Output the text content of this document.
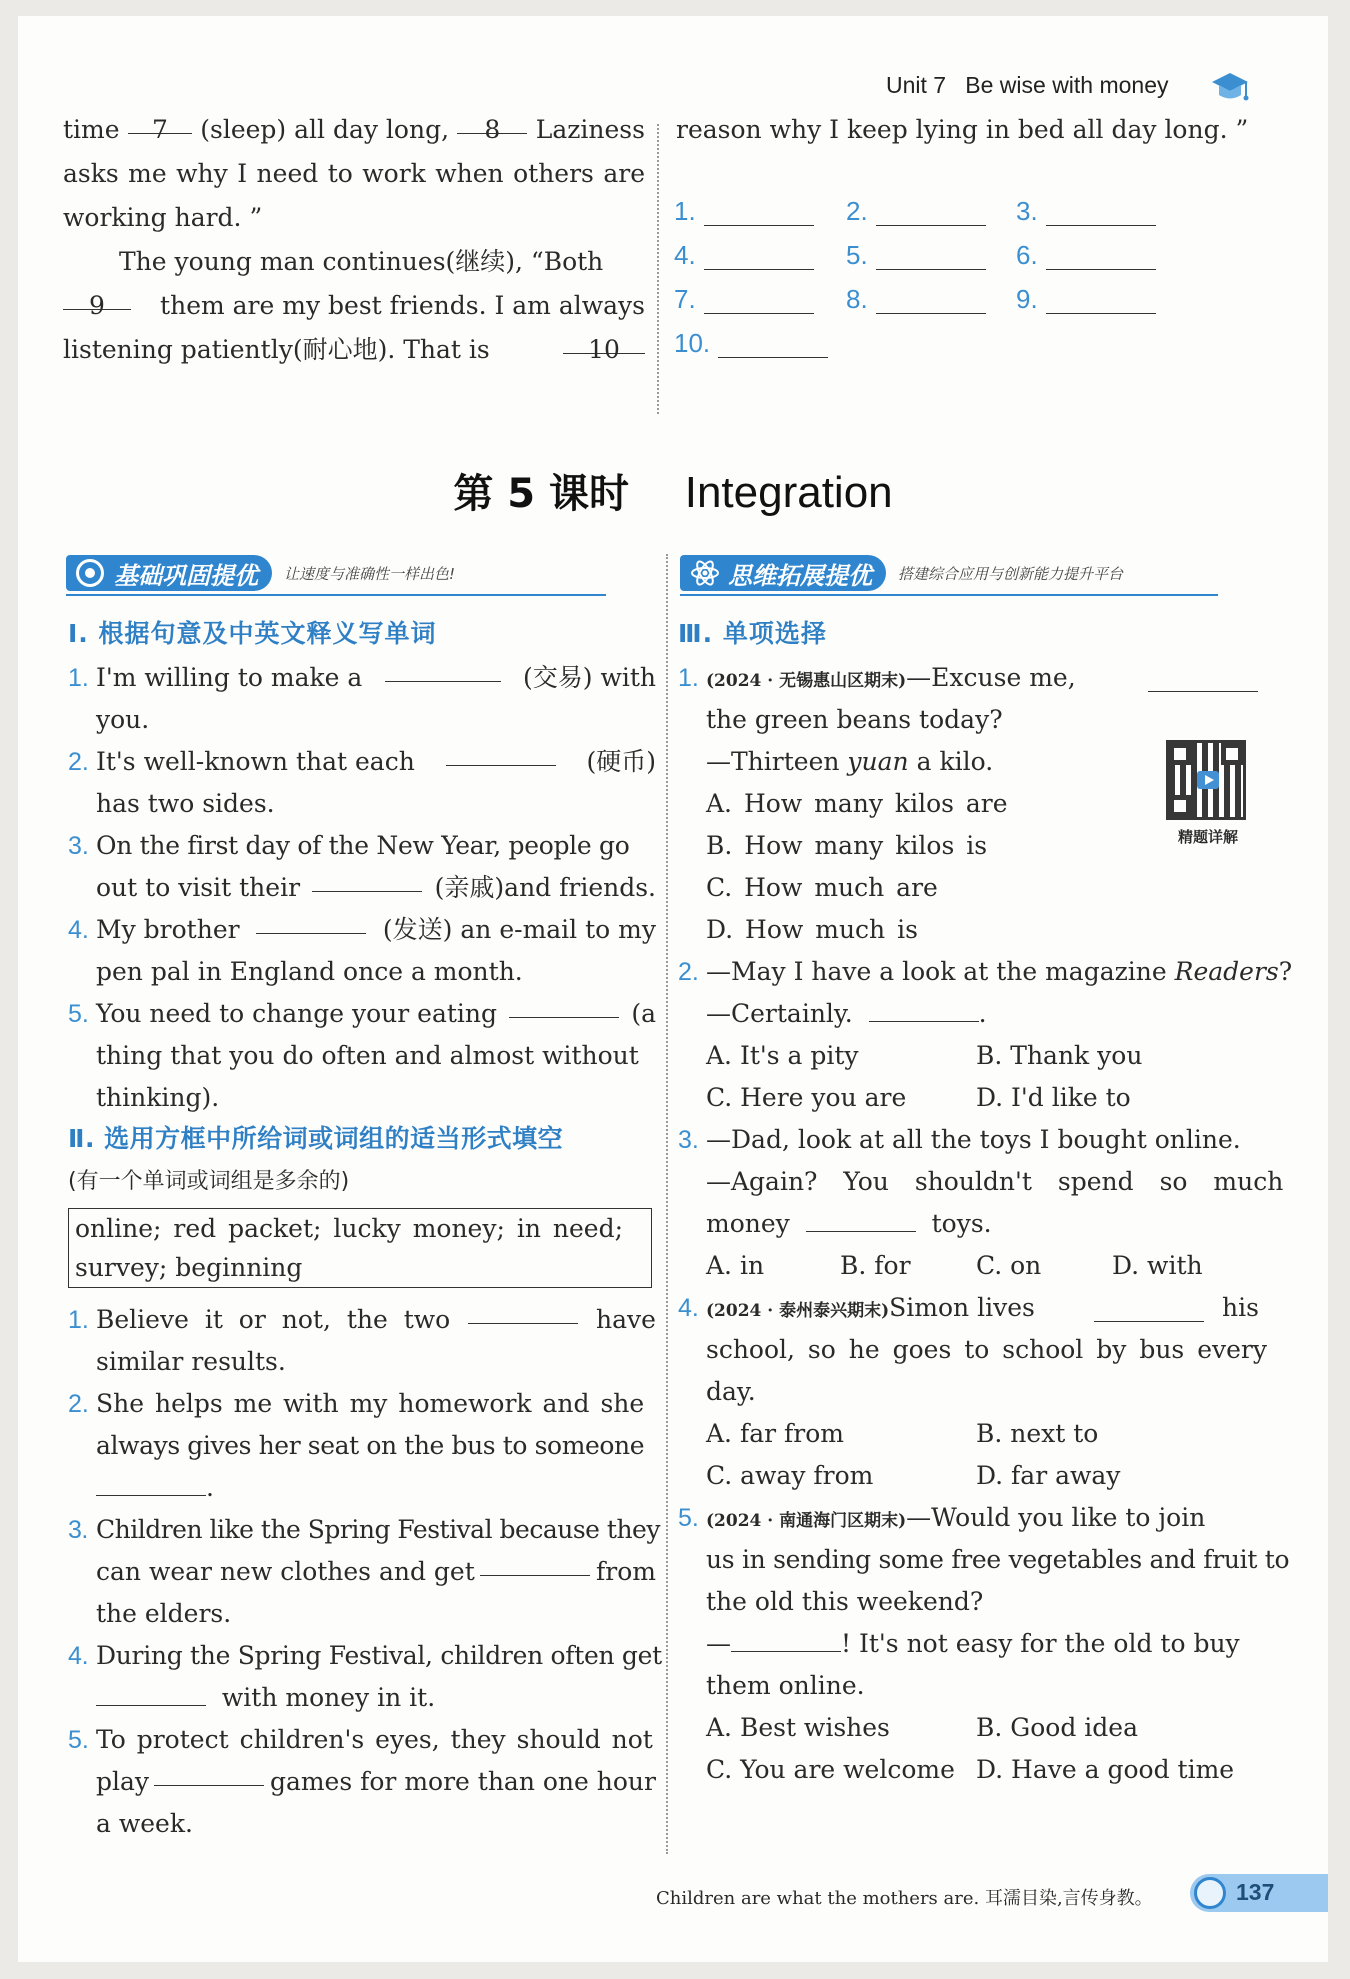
Unit 7 Be wise with money
time	7	(sleep) all day long,	8	Laziness
asks me why I need to work when others are
working hard. ”
The young man continues(继续), “Both
9	them are my best friends. I am always
listening patiently(耐心地). That is	10
reason why I keep lying in bed all day long. ”
1.	2.	3.
4.	5.	6.
7.	8.	9.
10.
第 5 课时 Integration
基础巩固提优 让速度与准确性一样出色!
Ⅰ. 根据句意及中英文释义写单词
1. I'm willing to make a	(交易) with
you.
2. It's well-known that each	(硬币)
has two sides.
3. On the first day of the New Year, people go
out to visit their	(亲戚)and friends.
4. My brother	(发送) an e-mail to my
pen pal in England once a month.
5. You need to change your eating	(a
thing that you do often and almost without
thinking).
Ⅱ. 选用方框中所给词或词组的适当形式填空
(有一个单词或词组是多余的)
online; red packet; lucky money; in need;
survey; beginning
1. Believe it or not, the two	have
similar results.
2. She helps me with my homework and she
always gives her seat on the bus to someone
.
3. Children like the Spring Festival because they
can wear new clothes and get	from
the elders.
4. During the Spring Festival, children often get
with money in it.
5. To protect children's eyes, they should not
play	games for more than one hour
a week.
思维拓展提优 搭建综合应用与创新能力提升平台
精题详解
Ⅲ. 单项选择
1. (2024 · 无锡惠山区期末)—Excuse me,
the green beans today?
—Thirteen yuan a kilo.
A. How many kilos are
B. How many kilos is
C. How much are
D. How much is
2. —May I have a look at the magazine Readers?
—Certainly.	.
A. It's a pity	B. Thank you
C. Here you are	D. I'd like to
3. —Dad, look at all the toys I bought online.
—Again? You shouldn't spend so much
money	toys.
A. in	B. for	C. on	D. with
4. (2024 · 泰州泰兴期末)Simon lives	his
school, so he goes to school by bus every
day.
A. far from	B. next to
C. away from	D. far away
5. (2024 · 南通海门区期末)—Would you like to join
us in sending some free vegetables and fruit to
the old this weekend?
—	! It's not easy for the old to buy
them online.
A. Best wishes	B. Good idea
C. You are welcome D. Have a good time
Children are what the mothers are. 耳濡目染,言传身教。	137
